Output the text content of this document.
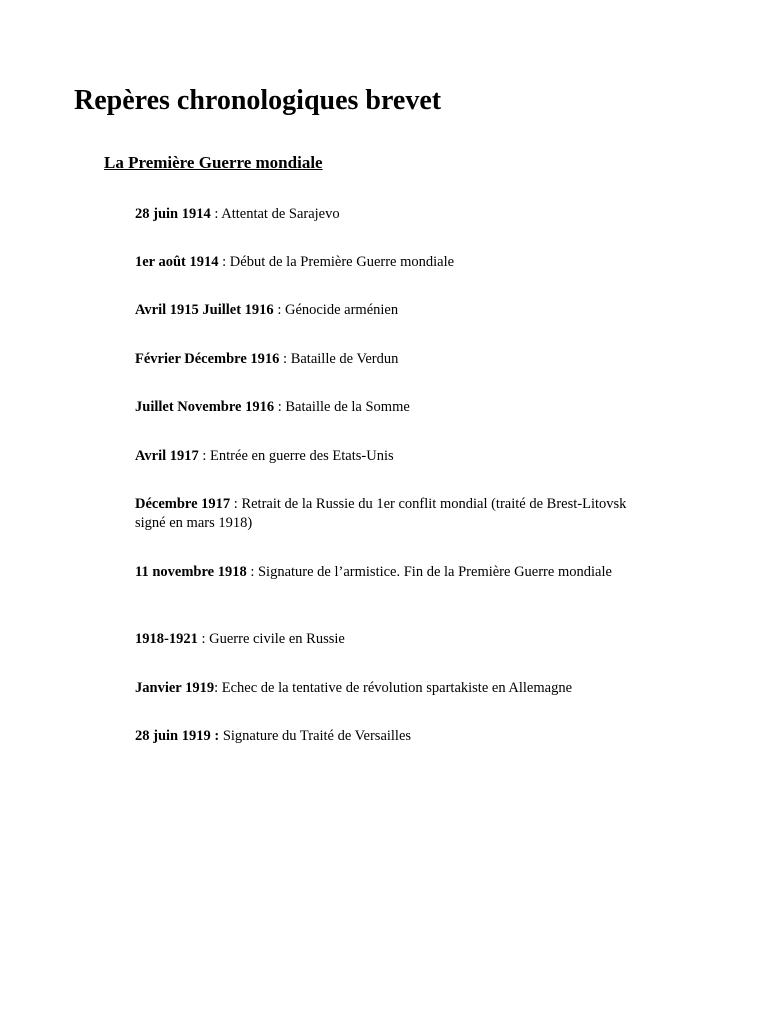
Repères chronologiques brevet
La Première Guerre mondiale
28 juin 1914 : Attentat de Sarajevo
1er août 1914 : Début de la Première Guerre mondiale
Avril 1915 Juillet 1916 : Génocide arménien
Février Décembre 1916 : Bataille de Verdun
Juillet Novembre 1916 : Bataille de la Somme
Avril 1917 : Entrée en guerre des Etats-Unis
Décembre 1917 : Retrait de la Russie du 1er conflit mondial (traité de Brest-Litovsk signé en mars 1918)
11 novembre 1918 : Signature de l’armistice. Fin de la Première Guerre mondiale
1918-1921 : Guerre civile en Russie
Janvier 1919: Echec de la tentative de révolution spartakiste en Allemagne
28 juin 1919 : Signature du Traité de Versailles
